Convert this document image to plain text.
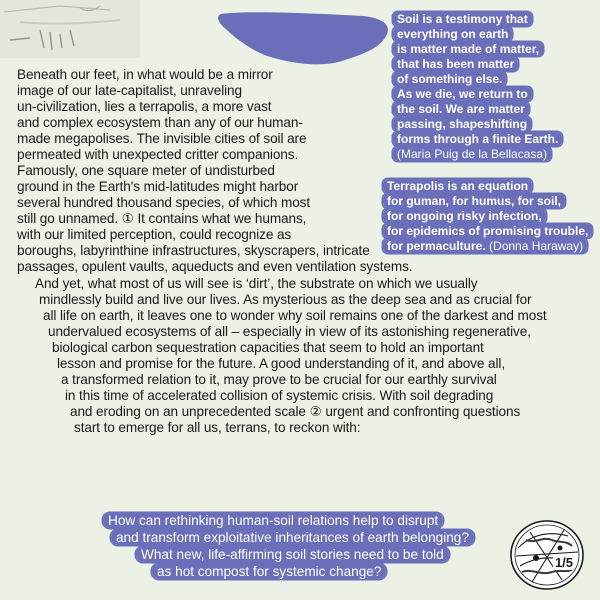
Soil is a testimony that
everything on earth
is matter made of matter,
that has been matter
of something else.
As we die, we return to
the soil. We are matter
passing, shapeshifting
forms through a finite Earth.
(Maria Puig de la Bellacasa)
Terrapolis is an equation
for guman, for humus, for soil,
for ongoing risky infection,
for epidemics of promising trouble,
for permaculture. (Donna Haraway)
Beneath our feet, in what would be a mirror
image of our late-capitalist, unraveling
un-civilization, lies a terrapolis, a more vast
and complex ecosystem than any of our human-
made megapolises. The invisible cities of soil are
permeated with unexpected critter companions.
Famously, one square meter of undisturbed
ground in the Earth's mid-latitudes might harbor
several hundred thousand species, of which most
still go unnamed. ① It contains what we humans,
with our limited perception, could recognize as
boroughs, labyrinthine infrastructures, skyscrapers, intricate
passages, opulent vaults, aqueducts and even ventilation systems.
And yet, what most of us will see is ‘dirt’, the substrate on which we usually
mindlessly build and live our lives. As mysterious as the deep sea and as crucial for
all life on earth, it leaves one to wonder why soil remains one of the darkest and most
undervalued ecosystems of all – especially in view of its astonishing regenerative,
biological carbon sequestration capacities that seem to hold an important
lesson and promise for the future. A good understanding of it, and above all,
a transformed relation to it, may prove to be crucial for our earthly survival
in this time of accelerated collision of systemic crisis. With soil degrading
and eroding on an unprecedented scale ② urgent and confronting questions
start to emerge for all us, terrans, to reckon with:
How can rethinking human-soil relations help to disrupt
and transform exploitative inheritances of earth belonging?
What new, life-affirming soil stories need to be told
as hot compost for systemic change?
1/5
